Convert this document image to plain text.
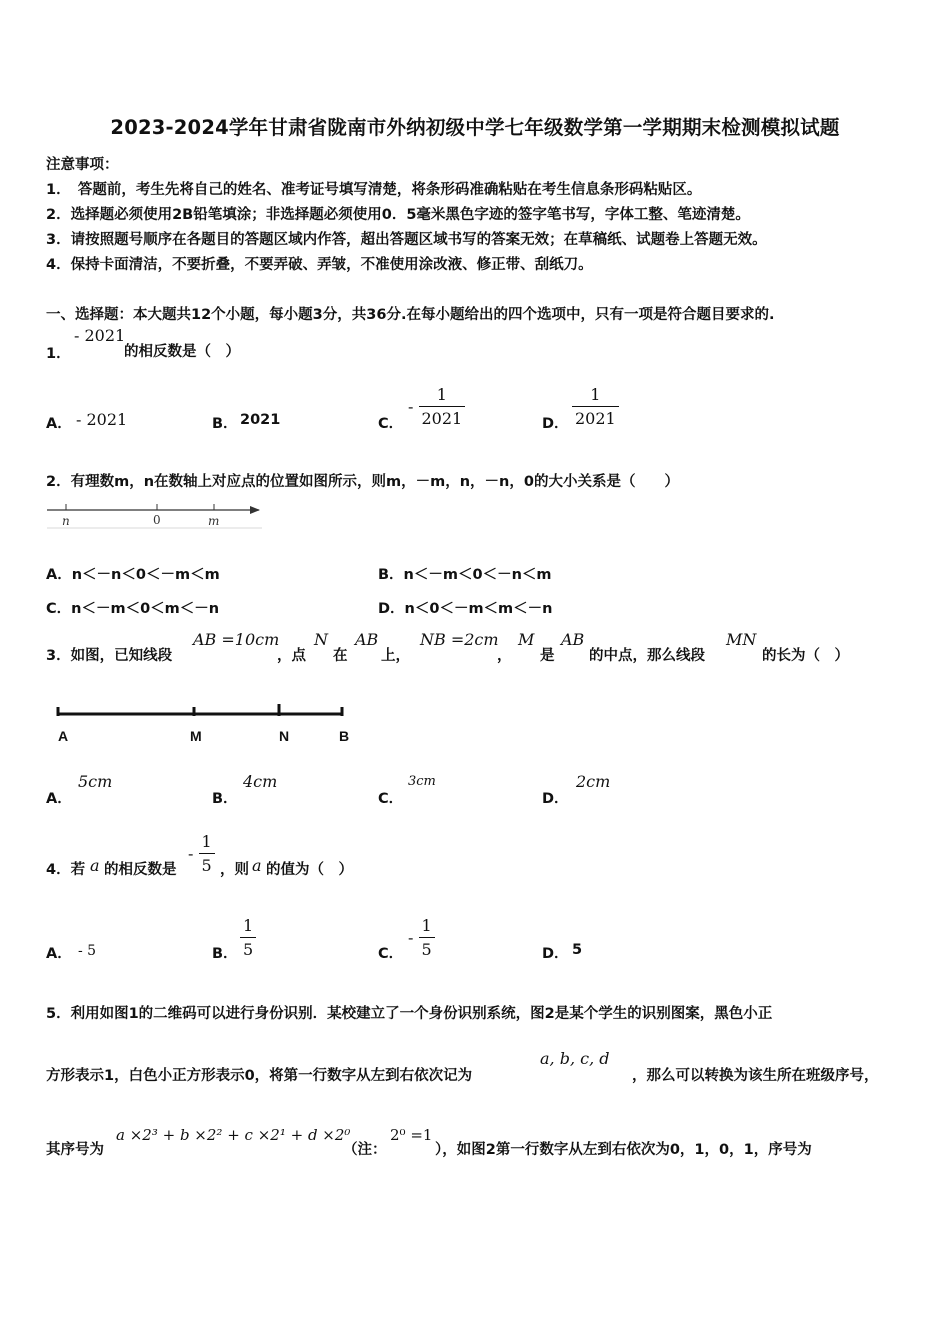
2023-2024学年甘肃省陇南市外纳初级中学七年级数学第一学期期末检测模拟试题
注意事项：
1．　答题前，考生先将自己的姓名、准考证号填写清楚，将条形码准确粘贴在考生信息条形码粘贴区。
2．选择题必须使用2B铅笔填涂；非选择题必须使用0．5毫米黑色字迹的签字笔书写，字体工整、笔迹清楚。
3．请按照题号顺序在各题目的答题区域内作答，超出答题区域书写的答案无效；在草稿纸、试题卷上答题无效。
4．保持卡面清洁，不要折叠，不要弄破、弄皱，不准使用涂改液、修正带、刮纸刀。
一、选择题：本大题共12个小题，每小题3分，共36分.在每小题给出的四个选项中，只有一项是符合题目要求的.
1．
- 2021
的相反数是（　）
A． - 2021	B． 2021	C．
- $\frac{1}{2021}$	D． $\frac{1}{2021}$
2．有理数m，n在数轴上对应点的位置如图所示，则m，－m，n，－n，0的大小关系是（　　）
n	0	m
A．n＜－n＜0＜－m＜m	B．n＜－m＜0＜－n＜m
C．n＜－m＜0＜m＜－n	D．n＜0＜－m＜m＜－n
3．如图，已知线段
AB =10cm
，点
N
在
AB
上，
NB =2cm
，
M
是
AB
的中点，那么线段
MN
的长为（　）
A	M	N	B
A．
5cm
B．
4cm
C．
3cm
D．
2cm
4．若 a 的相反数是
- $\frac{1}{5}$ ，则 a 的值为（　）
A． - 5	B． $\frac{1}{5}$	C．
- $\frac{1}{5}$	D． 5
5．利用如图1的二维码可以进行身份识别．某校建立了一个身份识别系统，图2是某个学生的识别图案，黑色小正
方形表示1，白色小正方形表示0，将第一行数字从左到右依次记为
a, b, c, d
，那么可以转换为该生所在班级序号，
其序号为
a ×2³ + b ×2² + c ×2¹ + d ×2⁰
（注：
2⁰ =1
），如图2第一行数字从左到右依次为0，1，0，1，序号为
